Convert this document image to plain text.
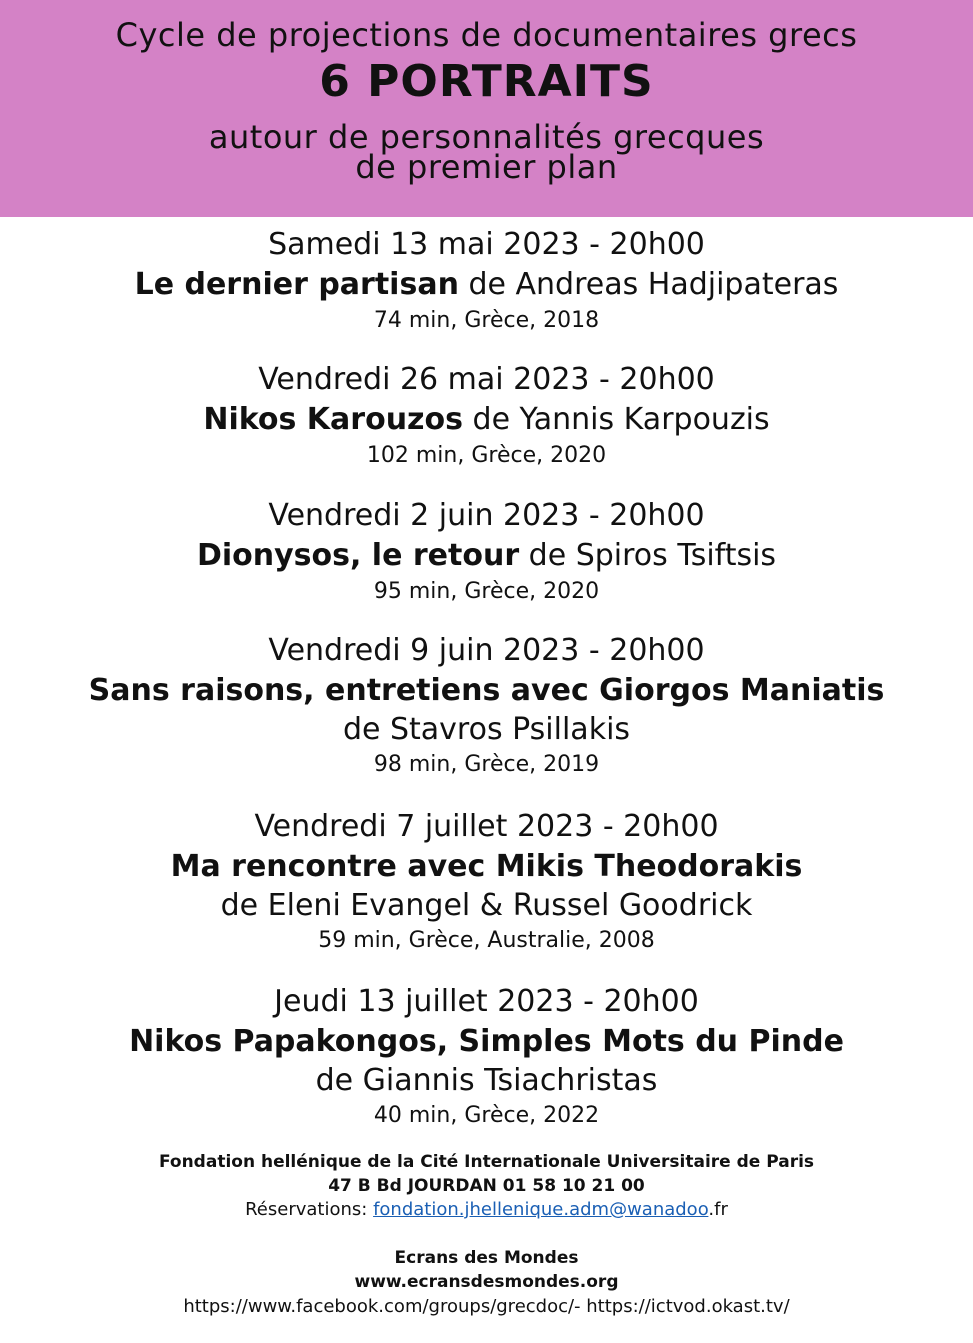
Cycle de projections de documentaires grecs
6 PORTRAITS
autour de personnalités grecques
de premier plan
Samedi 13 mai 2023 - 20h00
Le dernier partisan de Andreas Hadjipateras
74 min, Grèce, 2018
Vendredi 26 mai 2023 - 20h00
Nikos Karouzos de Yannis Karpouzis
102 min, Grèce, 2020
Vendredi 2 juin 2023 - 20h00
Dionysos, le retour de Spiros Tsiftsis
95 min, Grèce, 2020
Vendredi 9 juin 2023 - 20h00
Sans raisons, entretiens avec Giorgos Maniatis
de Stavros Psillakis
98 min, Grèce, 2019
Vendredi 7 juillet 2023 - 20h00
Ma rencontre avec Mikis Theodorakis
de Eleni Evangel & Russel Goodrick
59 min, Grèce, Australie, 2008
Jeudi 13 juillet 2023 - 20h00
Nikos Papakongos, Simples Mots du Pinde
de Giannis Tsiachristas
40 min, Grèce, 2022
Fondation hellénique de la Cité Internationale Universitaire de Paris
47 B Bd JOURDAN 01 58 10 21 00
Réservations: fondation.jhellenique.adm@wanadoo.fr
Ecrans des Mondes
www.ecransdesmondes.org
https://www.facebook.com/groups/grecdoc/- https://ictvod.okast.tv/
